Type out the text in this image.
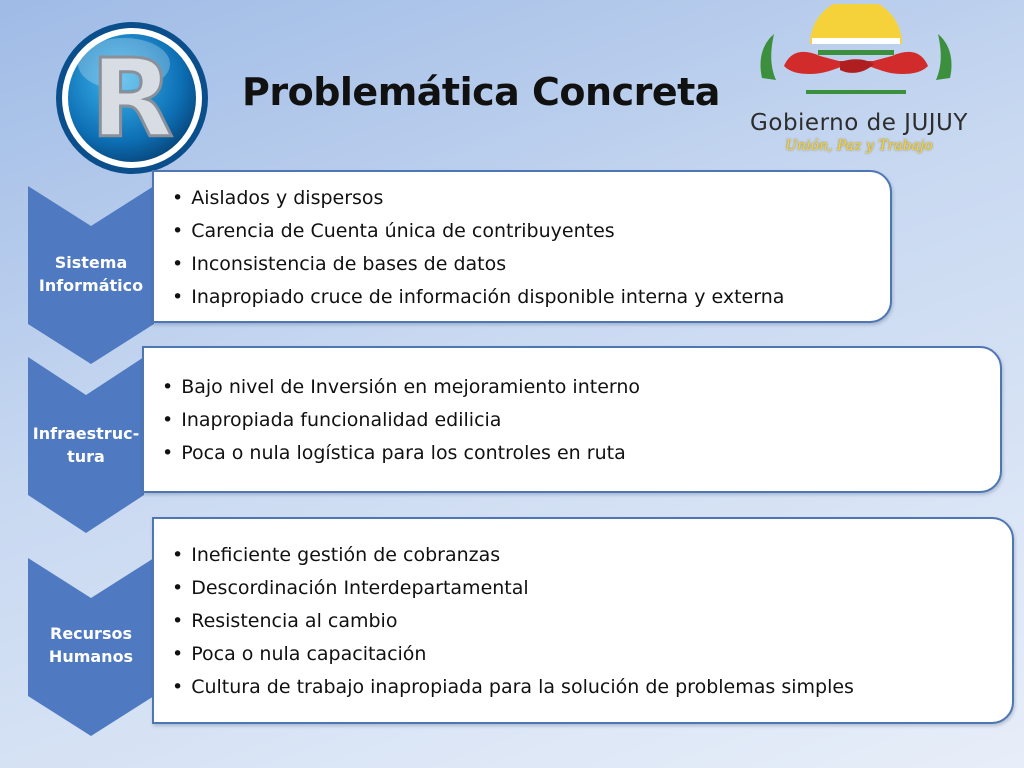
R Problemática Concreta
Gobierno de JUJUY
Unión, Paz y Trabajo
Sistema
Informático
• Aislados y dispersos
• Carencia de Cuenta única de contribuyentes
• Inconsistencia de bases de datos
• Inapropiado cruce de información disponible interna y externa
Infraestruc-
tura
• Bajo nivel de Inversión en mejoramiento interno
• Inapropiada funcionalidad edilicia
• Poca o nula logística para los controles en ruta
Recursos
Humanos
• Ineficiente gestión de cobranzas
• Descordinación Interdepartamental
• Resistencia al cambio
• Poca o nula capacitación
• Cultura de trabajo inapropiada para la solución de problemas simples
